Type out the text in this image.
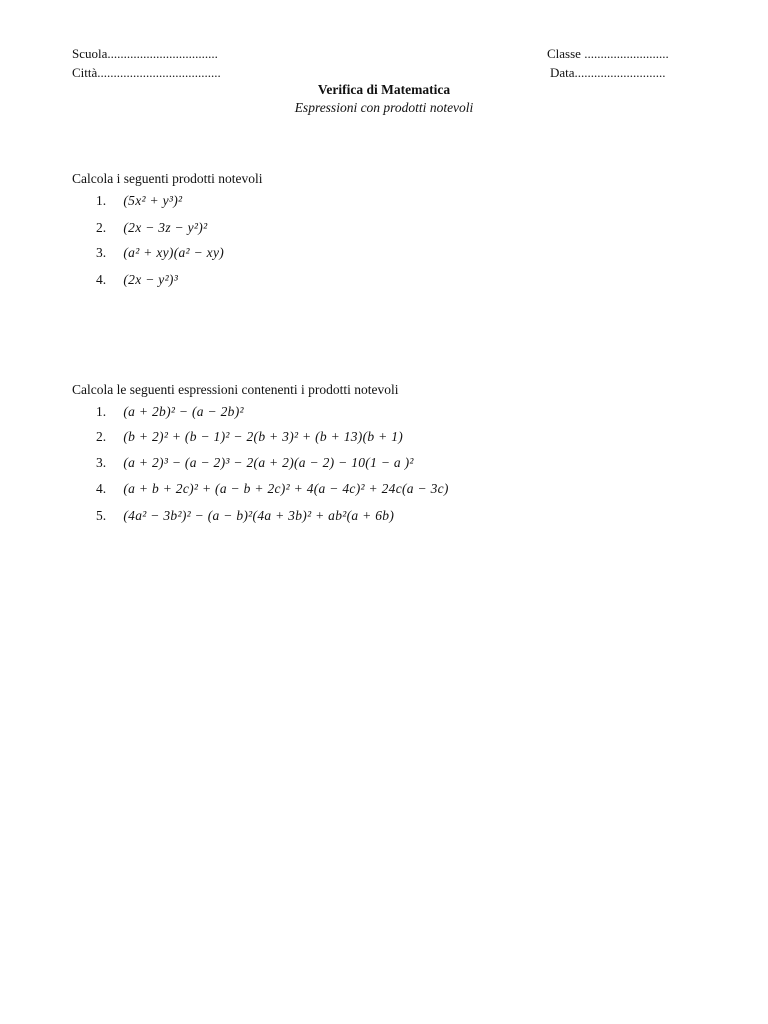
Scuola..................................
Città......................................
Classe ..........................
Data............................
Verifica di Matematica
Espressioni con prodotti notevoli
Calcola i seguenti prodotti notevoli
1. (5x² + y³)²
2. (2x − 3z − y²)²
3. (a² + xy)(a² − xy)
4. (2x − y²)³
Calcola le seguenti espressioni contenenti i prodotti notevoli
1. (a + 2b)² − (a − 2b)²
2. (b + 2)² + (b − 1)² − 2(b + 3)² + (b + 13)(b + 1)
3. (a + 2)³ − (a − 2)³ − 2(a + 2)(a − 2) − 10(1 − a )²
4. (a + b + 2c)² + (a − b + 2c)² + 4(a − 4c)² + 24c(a − 3c)
5. (4a² − 3b²)² − (a − b)²(4a + 3b)² + ab²(a + 6b)
